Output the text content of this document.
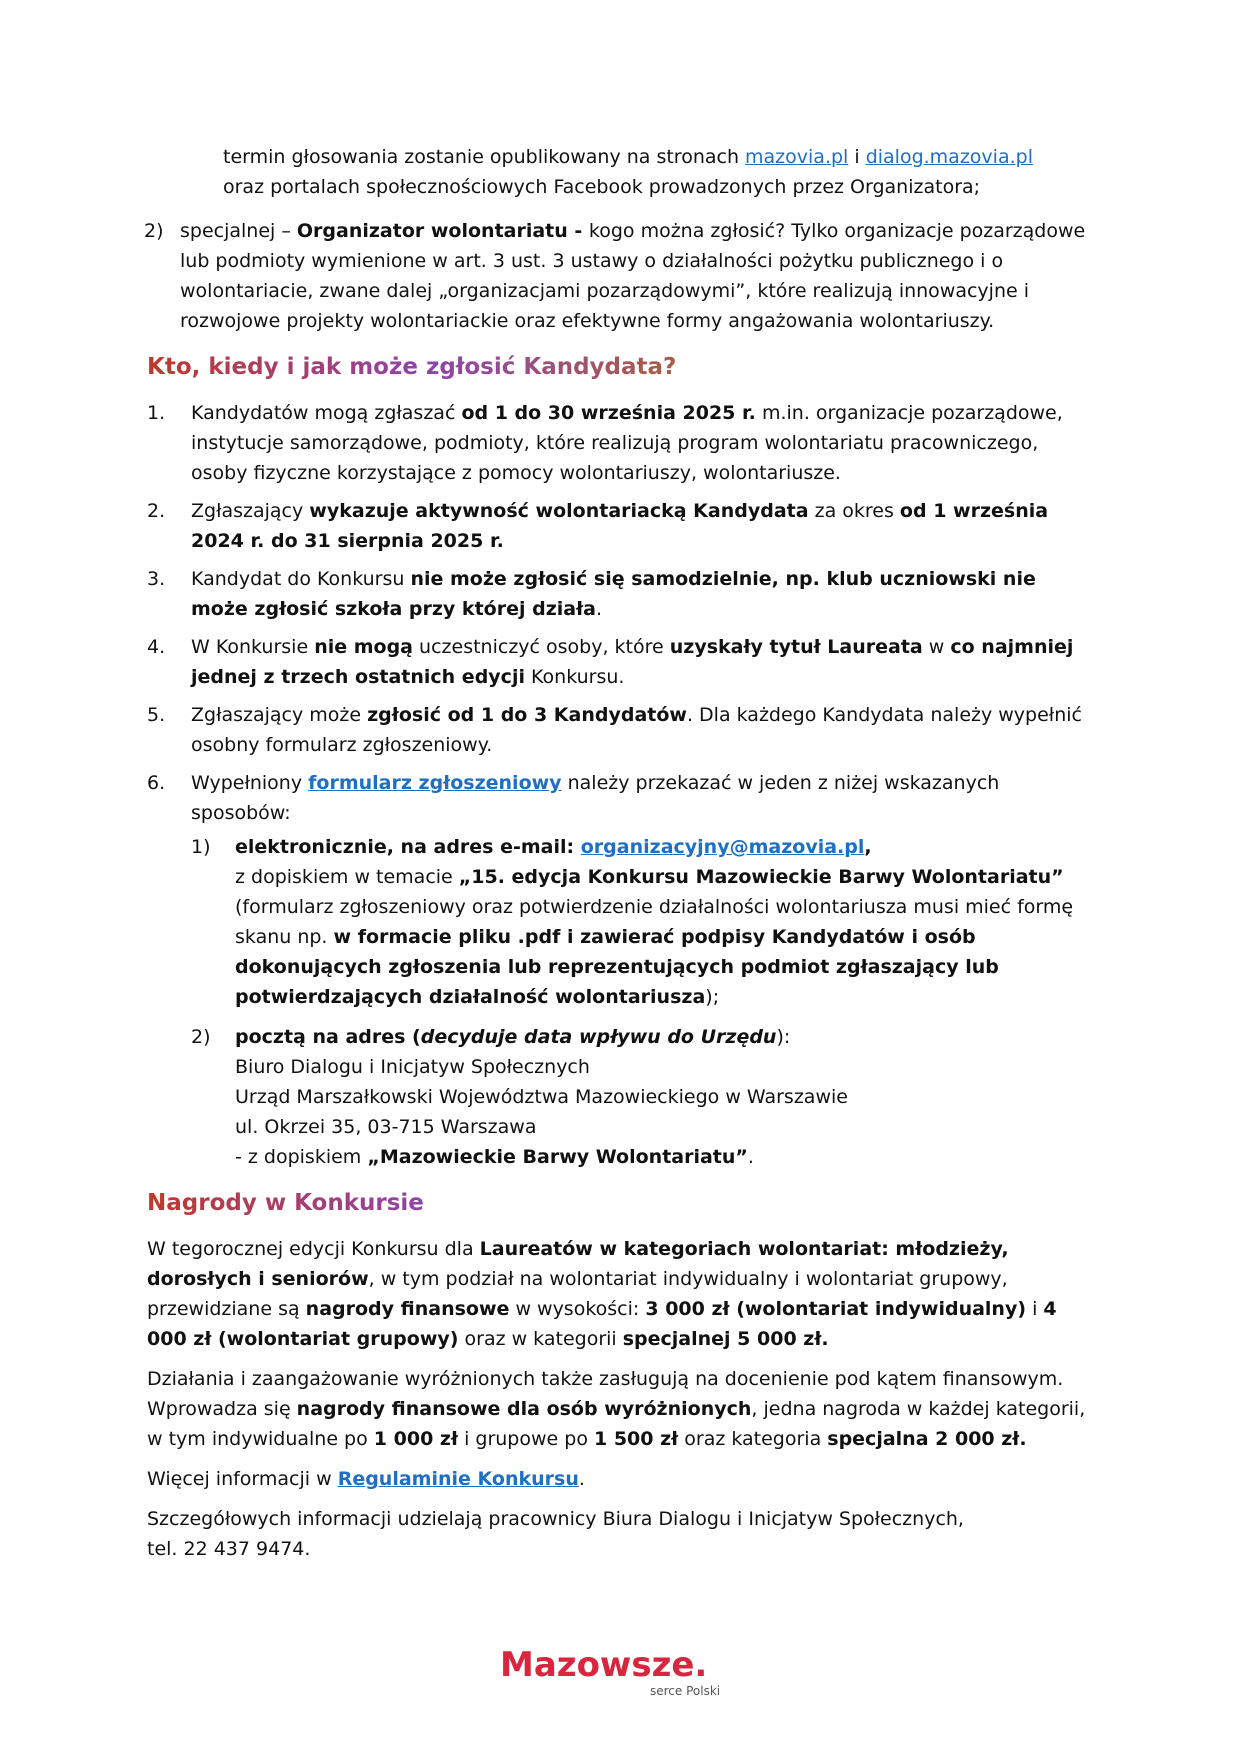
termin głosowania zostanie opublikowany na stronach mazovia.pl i dialog.mazovia.pl

oraz portalach społecznościowych Facebook prowadzonych przez Organizatora;

2) specjalnej – Organizator wolontariatu - kogo można zgłosić? Tylko organizacje pozarządowe lub podmioty wymienione w art. 3 ust. 3 ustawy o działalności pożytku publicznego i o wolontariacie, zwane dalej „organizacjami pozarządowymi”, które realizują innowacyjne i rozwojowe projekty wolontariackie oraz efektywne formy angażowania wolontariuszy.
Kto, kiedy i jak może zgłosić Kandydata?
1.	Kandydatów mogą zgłaszać od 1 do 30 września 2025 r. m.in. organizacje pozarządowe, instytucje samorządowe, podmioty, które realizują program wolontariatu pracowniczego, osoby fizyczne korzystające z pomocy wolontariuszy, wolontariusze.
2.	Zgłaszający wykazuje aktywność wolontariacką Kandydata za okres od 1 września 2024 r. do 31 sierpnia 2025 r.
3.	Kandydat do Konkursu nie może zgłosić się samodzielnie, np. klub uczniowski nie może zgłosić szkoła przy której działa.
4.	W Konkursie nie mogą uczestniczyć osoby, które uzyskały tytuł Laureata w co najmniej jednej z trzech ostatnich edycji Konkursu.
5.	Zgłaszający może zgłosić od 1 do 3 Kandydatów. Dla każdego Kandydata należy wypełnić osobny formularz zgłoszeniowy.
6.	Wypełniony formularz zgłoszeniowy należy przekazać w jeden z niżej wskazanych sposobów:
1)	elektronicznie, na adres e-mail: organizacyjny@mazovia.pl,
z dopiskiem w temacie „15. edycja Konkursu Mazowieckie Barwy Wolontariatu”
(formularz zgłoszeniowy oraz potwierdzenie działalności wolontariusza musi mieć formę skanu np. w formacie pliku .pdf i zawierać podpisy Kandydatów i osób dokonujących zgłoszenia lub reprezentujących podmiot zgłaszający lub potwierdzających działalność wolontariusza);
2)	pocztą na adres (decyduje data wpływu do Urzędu):
Biuro Dialogu i Inicjatyw Społecznych
Urząd Marszałkowski Województwa Mazowieckiego w Warszawie
ul. Okrzei 35, 03-715 Warszawa
- z dopiskiem „Mazowieckie Barwy Wolontariatu”.
Nagrody w Konkursie

W tegorocznej edycji Konkursu dla Laureatów w kategoriach wolontariat: młodzieży, dorosłych i seniorów, w tym podział na wolontariat indywidualny i wolontariat grupowy, przewidziane są nagrody finansowe w wysokości: 3 000 zł (wolontariat indywidualny) i 4 000 zł (wolontariat grupowy) oraz w kategorii specjalnej 5 000 zł.

Działania i zaangażowanie wyróżnionych także zasługują na docenienie pod kątem finansowym. Wprowadza się nagrody finansowe dla osób wyróżnionych, jedna nagroda w każdej kategorii, w tym indywidualne po 1 000 zł i grupowe po 1 500 zł oraz kategoria specjalna 2 000 zł.

Więcej informacji w Regulaminie Konkursu.

Szczegółowych informacji udzielają pracownicy Biura Dialogu i Inicjatyw Społecznych,
tel. 22 437 9474.

Mazowsze.
serce Polski
